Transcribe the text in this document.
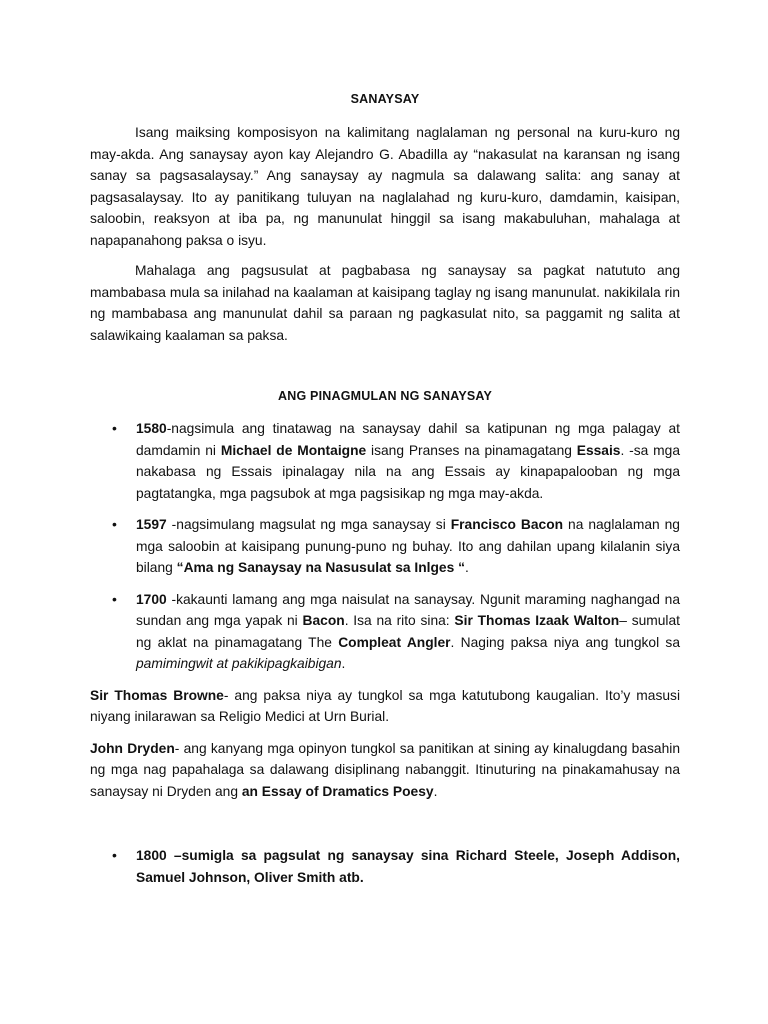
SANAYSAY

Isang maiksing komposisyon na kalimitang naglalaman ng personal na kuru-kuro ng may-akda. Ang sanaysay ayon kay Alejandro G. Abadilla ay “nakasulat na karansan ng isang sanay sa pagsasalaysay.” Ang sanaysay ay nagmula sa dalawang salita: ang sanay at pagsasalaysay. Ito ay panitikang tuluyan na naglalahad ng kuru-kuro, damdamin, kaisipan, saloobin, reaksyon at iba pa, ng manunulat hinggil sa isang makabuluhan, mahalaga at napapanahong paksa o isyu.

Mahalaga ang pagsusulat at pagbabasa ng sanaysay sa pagkat natututo ang mambabasa mula sa inilahad na kaalaman at kaisipang taglay ng isang manunulat. nakikilala rin ng mambabasa ang manunulat dahil sa paraan ng pagkasulat nito, sa paggamit ng salita at salawikaing kaalaman sa paksa.

ANG PINAGMULAN NG SANAYSAY
• 1580-nagsimula ang tinatawag na sanaysay dahil sa katipunan ng mga palagay at damdamin ni Michael de Montaigne isang Pranses na pinamagatang Essais. -sa mga nakabasa ng Essais ipinalagay nila na ang Essais ay kinapapalooban ng mga pagtatangka, mga pagsubok at mga pagsisikap ng mga may-akda.
• 1597 -nagsimulang magsulat ng mga sanaysay si Francisco Bacon na naglalaman ng mga saloobin at kaisipang punung-puno ng buhay. Ito ang dahilan upang kilalanin siya bilang “Ama ng Sanaysay na Nasusulat sa Inlges “.
• 1700 -kakaunti lamang ang mga naisulat na sanaysay. Ngunit maraming naghangad na sundan ang mga yapak ni Bacon. Isa na rito sina: Sir Thomas Izaak Walton– sumulat ng aklat na pinamagatang The Compleat Angler. Naging paksa niya ang tungkol sa pamimingwit at pakikipagkaibigan.

Sir Thomas Browne- ang paksa niya ay tungkol sa mga katutubong kaugalian. Ito’y masusi niyang inilarawan sa Religio Medici at Urn Burial.

John Dryden- ang kanyang mga opinyon tungkol sa panitikan at sining ay kinalugdang basahin ng mga nag papahalaga sa dalawang disiplinang nabanggit. Itinuturing na pinakamahusay na sanaysay ni Dryden ang an Essay of Dramatics Poesy.

• 1800 –sumigla sa pagsulat ng sanaysay sina Richard Steele, Joseph Addison, Samuel Johnson, Oliver Smith atb.
